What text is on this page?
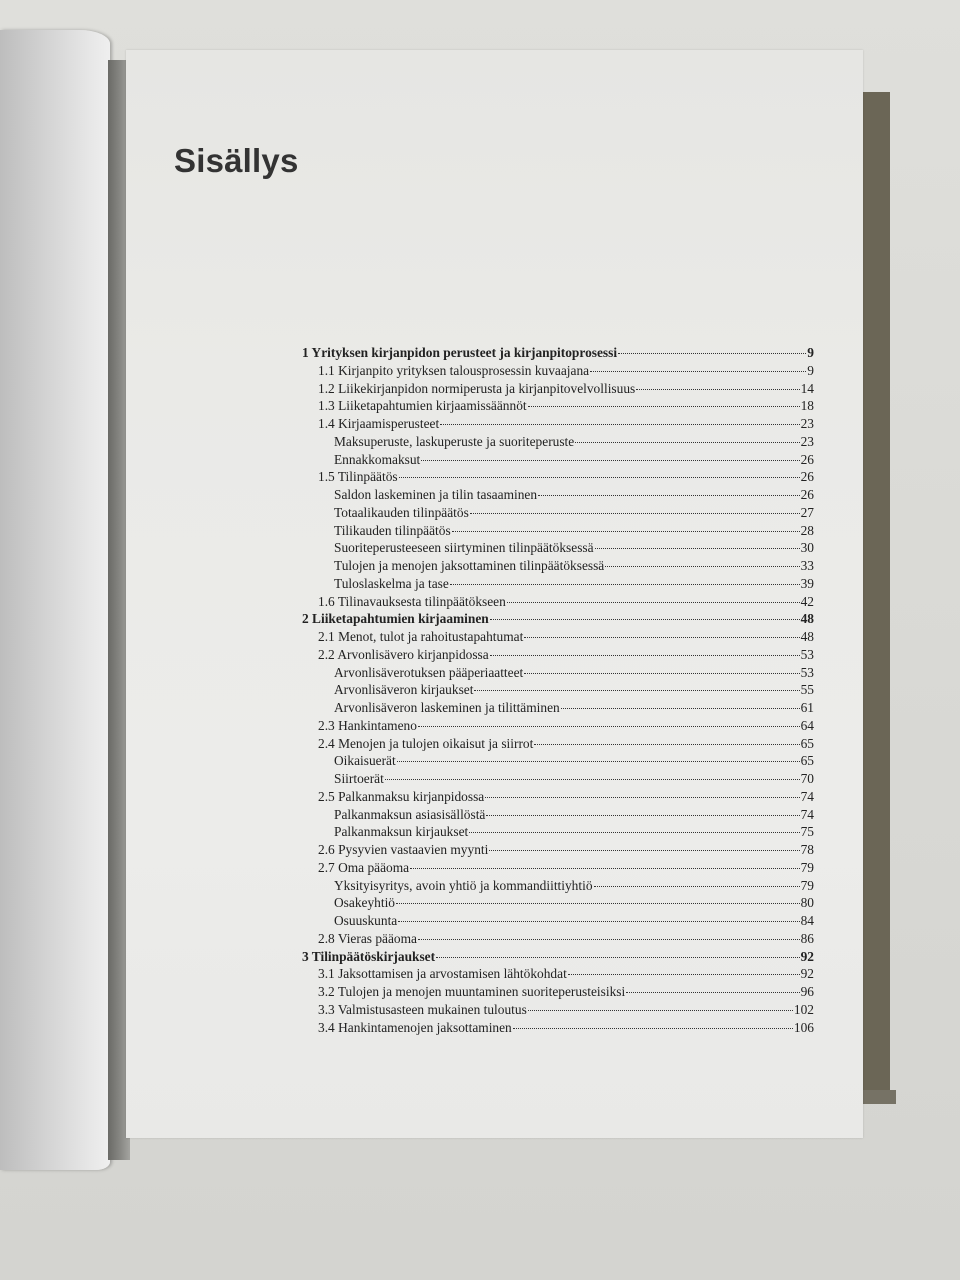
Sisällys
1 Yrityksen kirjanpidon perusteet ja kirjanpitoprosessi	9
1.1 Kirjanpito yrityksen talousprosessin kuvaajana	9
1.2 Liikekirjanpidon normiperusta ja kirjanpitovelvollisuus	14
1.3 Liiketapahtumien kirjaamissäännöt	18
1.4 Kirjaamisperusteet	23
Maksuperuste, laskuperuste ja suoriteperuste	23
Ennakkomaksut	26
1.5 Tilinpäätös	26
Saldon laskeminen ja tilin tasaaminen	26
Totaalikauden tilinpäätös	27
Tilikauden tilinpäätös	28
Suoriteperusteeseen siirtyminen tilinpäätöksessä	30
Tulojen ja menojen jaksottaminen tilinpäätöksessä	33
Tuloslaskelma ja tase	39
1.6 Tilinavauksesta tilinpäätökseen	42
2 Liiketapahtumien kirjaaminen	48
2.1 Menot, tulot ja rahoitustapahtumat	48
2.2 Arvonlisävero kirjanpidossa	53
Arvonlisäverotuksen pääperiaatteet	53
Arvonlisäveron kirjaukset	55
Arvonlisäveron laskeminen ja tilittäminen	61
2.3 Hankintameno	64
2.4 Menojen ja tulojen oikaisut ja siirrot	65
Oikaisuerät	65
Siirtoerät	70
2.5 Palkanmaksu kirjanpidossa	74
Palkanmaksun asiasisällöstä	74
Palkanmaksun kirjaukset	75
2.6 Pysyvien vastaavien myynti	78
2.7 Oma pääoma	79
Yksityisyritys, avoin yhtiö ja kommandiittiyhtiö	79
Osakeyhtiö	80
Osuuskunta	84
2.8 Vieras pääoma	86
3 Tilinpäätöskirjaukset	92
3.1 Jaksottamisen ja arvostamisen lähtökohdat	92
3.2 Tulojen ja menojen muuntaminen suoriteperusteisiksi	96
3.3 Valmistusasteen mukainen tuloutus	102
3.4 Hankintamenojen jaksottaminen	106
